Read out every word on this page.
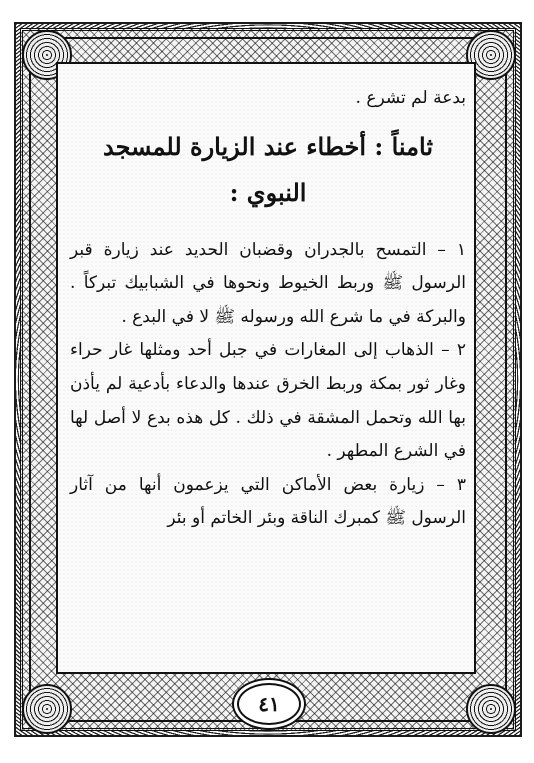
بدعة لم تشرع .

ثامناً : أخطاء عند الزيارة للمسجد النبوي :

١ – التمسح بالجدران وقضبان الحديد عند زيارة قبر الرسول ﷺ وربط الخيوط ونحوها في الشبابيك تبركاً . والبركة في ما شرع الله ورسوله ﷺ لا في البدع .

٢ – الذهاب إلى المغارات في جبل أحد ومثلها غار حراء وغار ثور بمكة وربط الخرق عندها والدعاء بأدعية لم يأذن بها الله وتحمل المشقة في ذلك . كل هذه بدع لا أصل لها في الشرع المطهر .

٣ – زيارة بعض الأماكن التي يزعمون أنها من آثار الرسول ﷺ كمبرك الناقة وبئر الخاتم أو بئر

٤١
